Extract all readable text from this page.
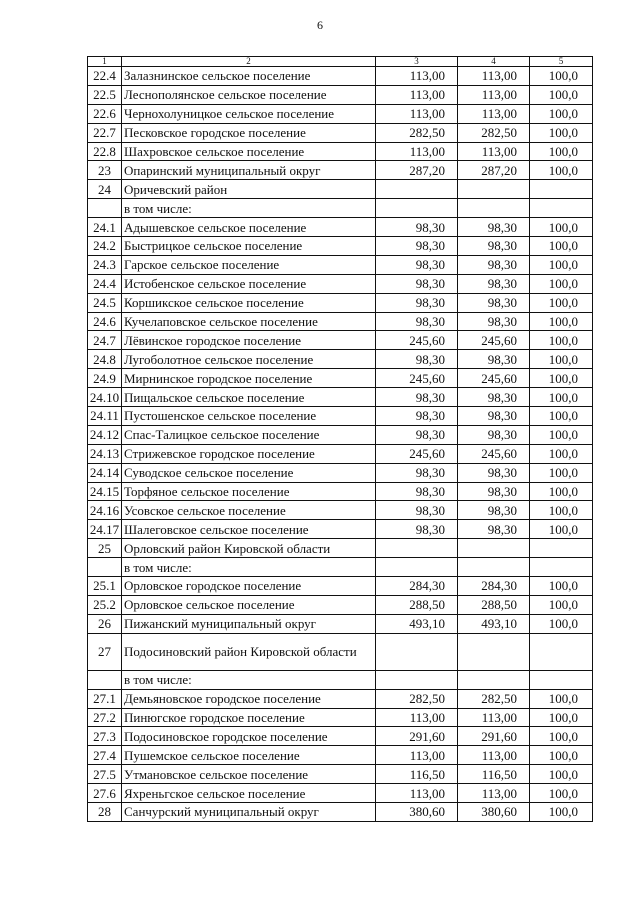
6
1	2	3	4	5
22.4	Залазнинское сельское поселение	113,00	113,00	100,0
22.5	Леснополянское сельское поселение	113,00	113,00	100,0
22.6	Чернохолуницкое сельское поселение	113,00	113,00	100,0
22.7	Песковское городское поселение	282,50	282,50	100,0
22.8	Шахровское сельское поселение	113,00	113,00	100,0
23	Опаринский муниципальный округ	287,20	287,20	100,0
24	Оричевский район			
	в том числе:			
24.1	Адышевское сельское поселение	98,30	98,30	100,0
24.2	Быстрицкое сельское поселение	98,30	98,30	100,0
24.3	Гарское сельское поселение	98,30	98,30	100,0
24.4	Истобенское сельское поселение	98,30	98,30	100,0
24.5	Коршикское сельское поселение	98,30	98,30	100,0
24.6	Кучелаповское сельское поселение	98,30	98,30	100,0
24.7	Лёвинское городское поселение	245,60	245,60	100,0
24.8	Лугоболотное сельское поселение	98,30	98,30	100,0
24.9	Мирнинское городское поселение	245,60	245,60	100,0
24.10	Пищальское сельское поселение	98,30	98,30	100,0
24.11	Пустошенское сельское поселение	98,30	98,30	100,0
24.12	Спас-Талицкое сельское поселение	98,30	98,30	100,0
24.13	Стрижевское городское поселение	245,60	245,60	100,0
24.14	Суводское сельское поселение	98,30	98,30	100,0
24.15	Торфяное сельское поселение	98,30	98,30	100,0
24.16	Усовское сельское поселение	98,30	98,30	100,0
24.17	Шалеговское сельское поселение	98,30	98,30	100,0
25	Орловский район Кировской области			
	в том числе:			
25.1	Орловское городское поселение	284,30	284,30	100,0
25.2	Орловское сельское поселение	288,50	288,50	100,0
26	Пижанский муниципальный округ	493,10	493,10	100,0
27	Подосиновский район Кировской области			
	в том числе:			
27.1	Демьяновское городское поселение	282,50	282,50	100,0
27.2	Пинюгское городское поселение	113,00	113,00	100,0
27.3	Подосиновское городское поселение	291,60	291,60	100,0
27.4	Пушемское сельское поселение	113,00	113,00	100,0
27.5	Утмановское сельское поселение	116,50	116,50	100,0
27.6	Яхреньгское сельское поселение	113,00	113,00	100,0
28	Санчурский муниципальный округ	380,60	380,60	100,0
